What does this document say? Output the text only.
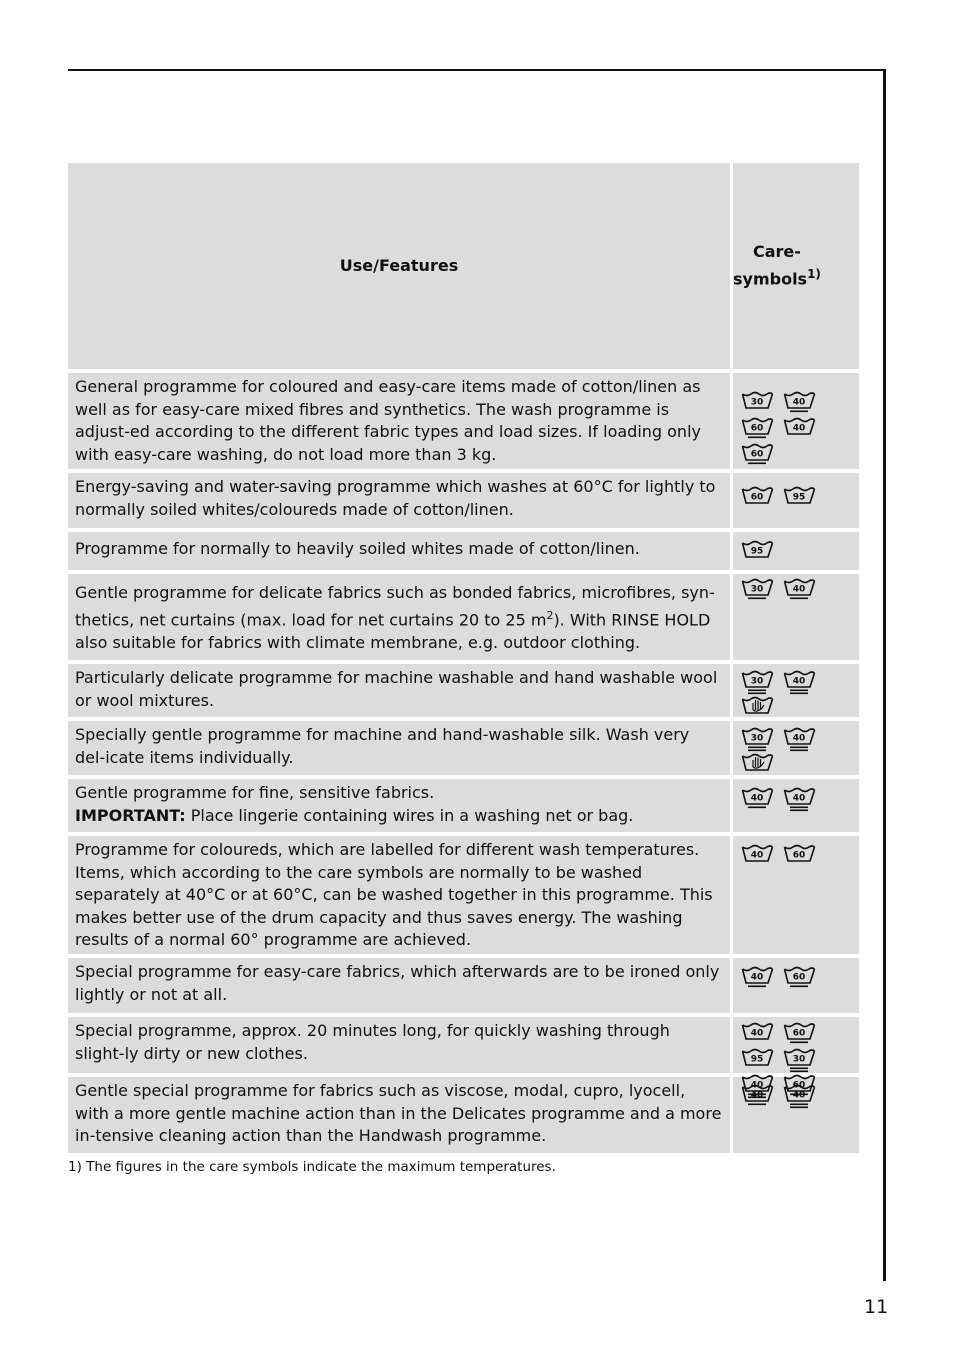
Use/Features
Care-
symbols$^{1)}$
General programme for coloured and easy-care items made of cotton/linen as well as for easy-care mixed fibres and synthetics. The wash programme is adjust-ed according to the different fabric types and load sizes. If loading only with easy-care washing, do not load more than 3 kg.
30	40
60	40
60
Energy-saving and water-saving programme which washes at 60°C for lightly to normally soiled whites/coloureds made of cotton/linen.
60	95
Programme for normally to heavily soiled whites made of cotton/linen.	95
Gentle programme for delicate fabrics such as bonded fabrics, microfibres, syn-thetics, net curtains (max. load for net curtains 20 to 25 $m^2$). With RINSE HOLD also suitable for fabrics with climate membrane, e.g. outdoor clothing.
30	40
Particularly delicate programme for machine washable and hand washable wool or wool mixtures.
30	40
Specially gentle programme for machine and hand-washable silk. Wash very del-icate items individually.
30	40
Gentle programme for fine, sensitive fabrics.
IMPORTANT: Place lingerie containing wires in a washing net or bag.
40	40
Programme for coloureds, which are labelled for different wash temperatures. Items, which according to the care symbols are normally to be washed separately at 40°C or at 60°C, can be washed together in this programme. This makes better use of the drum capacity and thus saves energy. The washing results of a normal 60° programme are achieved.
40	60
Special programme for easy-care fabrics, which afterwards are to be ironed only lightly or not at all.
40	60
Special programme, approx. 20 minutes long, for quickly washing through slight-ly dirty or new clothes.
40	60
95	30
40	60
Gentle special programme for fabrics such as viscose, modal, cupro, lyocell, with a more gentle machine action than in the Delicates programme and a more in-tensive cleaning action than the Handwash programme.
40	40
1) The figures in the care symbols indicate the maximum temperatures.
11
